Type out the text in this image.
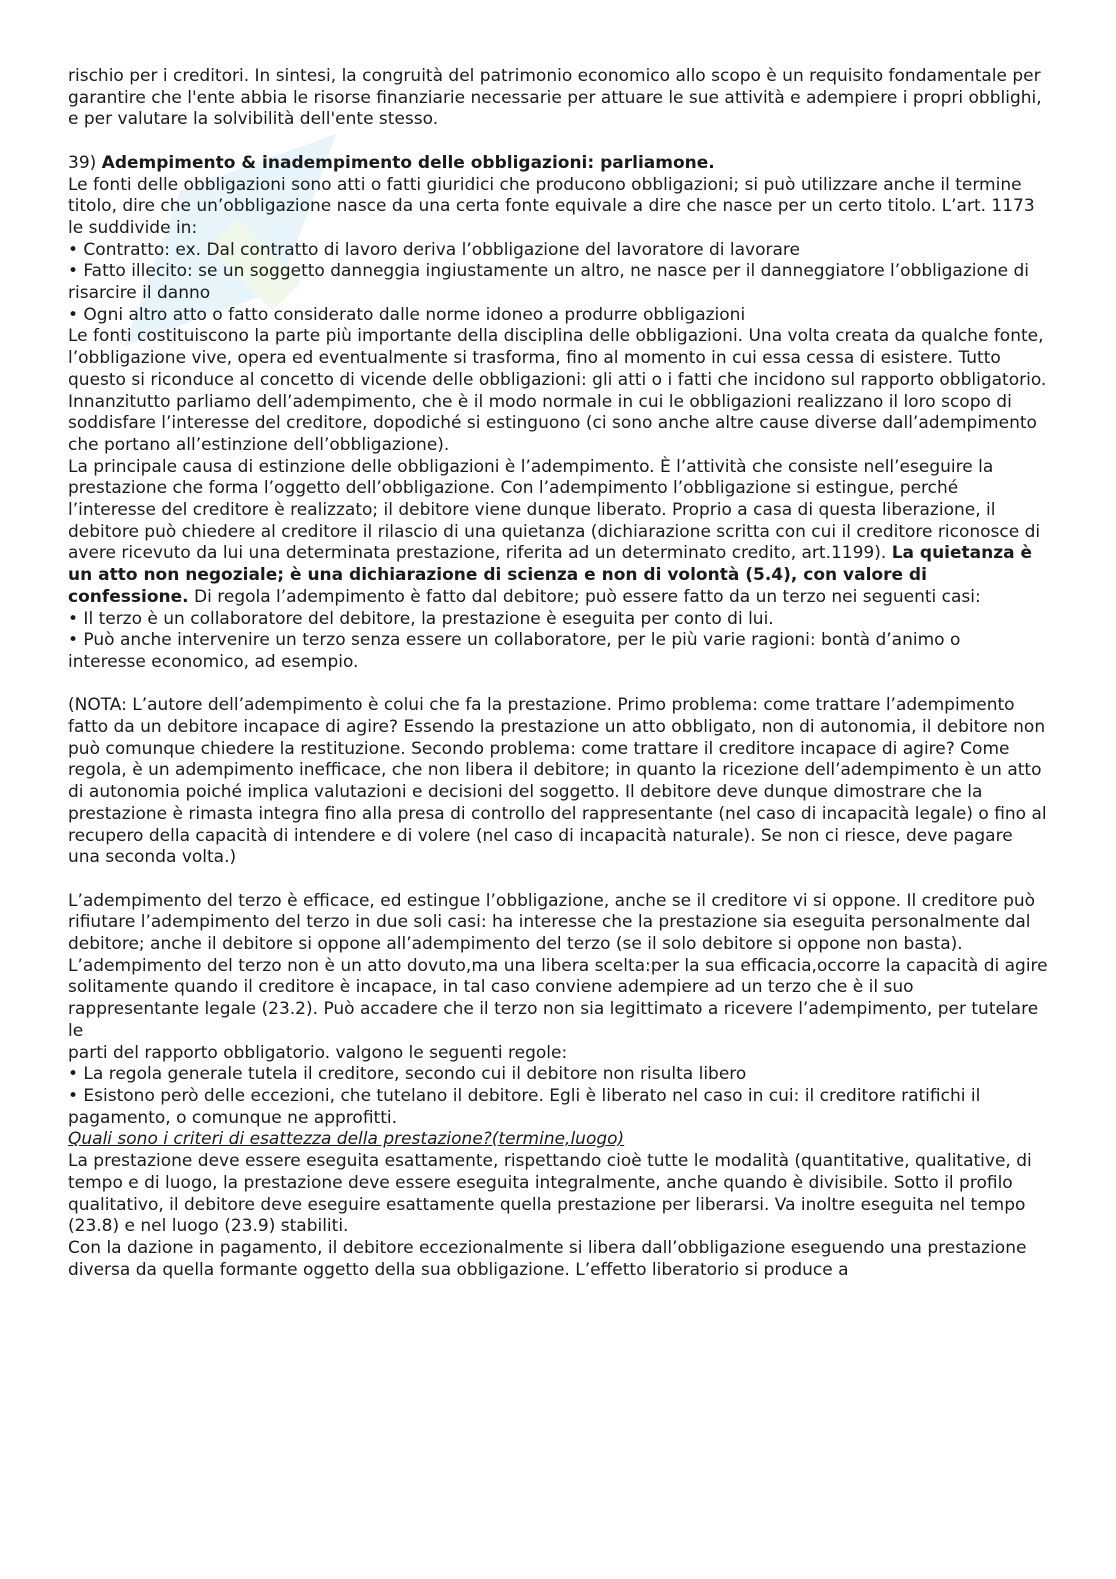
rischio per i creditori. In sintesi, la congruità del patrimonio economico allo scopo è un requisito fondamentale per garantire che l'ente abbia le risorse finanziarie necessarie per attuare le sue attività e adempiere i propri obblighi, e per valutare la solvibilità dell'ente stesso.

39) Adempimento & inadempimento delle obbligazioni: parliamone.

Le fonti delle obbligazioni sono atti o fatti giuridici che producono obbligazioni; si può utilizzare anche il termine titolo, dire che un’obbligazione nasce da una certa fonte equivale a dire che nasce per un certo titolo. L’art. 1173 le suddivide in:

• Contratto: ex. Dal contratto di lavoro deriva l’obbligazione del lavoratore di lavorare

• Fatto illecito: se un soggetto danneggia ingiustamente un altro, ne nasce per il danneggiatore l’obbligazione di

risarcire il danno

• Ogni altro atto o fatto considerato dalle norme idoneo a produrre obbligazioni

Le fonti costituiscono la parte più importante della disciplina delle obbligazioni. Una volta creata da qualche fonte, l’obbligazione vive, opera ed eventualmente si trasforma, fino al momento in cui essa cessa di esistere. Tutto questo si riconduce al concetto di vicende delle obbligazioni: gli atti o i fatti che incidono sul rapporto obbligatorio. Innanzitutto parliamo dell’adempimento, che è il modo normale in cui le obbligazioni realizzano il loro scopo di soddisfare l’interesse del creditore, dopodiché si estinguono (ci sono anche altre cause diverse dall’adempimento che portano all’estinzione dell’obbligazione).

La principale causa di estinzione delle obbligazioni è l’adempimento. È l’attività che consiste nell’eseguire la prestazione che forma l’oggetto dell’obbligazione. Con l’adempimento l’obbligazione si estingue, perché l’interesse del creditore è realizzato; il debitore viene dunque liberato. Proprio a casa di questa liberazione, il debitore può chiedere al creditore il rilascio di una quietanza (dichiarazione scritta con cui il creditore riconosce di avere ricevuto da lui una determinata prestazione, riferita ad un determinato credito, art.1199). La quietanza è un atto non negoziale; è una dichiarazione di scienza e non di volontà (5.4), con valore di confessione. Di regola l’adempimento è fatto dal debitore; può essere fatto da un terzo nei seguenti casi:

• Il terzo è un collaboratore del debitore, la prestazione è eseguita per conto di lui.

• Può anche intervenire un terzo senza essere un collaboratore, per le più varie ragioni: bontà d’animo o

interesse economico, ad esempio.

(NOTA: L’autore dell’adempimento è colui che fa la prestazione. Primo problema: come trattare l’adempimento fatto da un debitore incapace di agire? Essendo la prestazione un atto obbligato, non di autonomia, il debitore non può comunque chiedere la restituzione. Secondo problema: come trattare il creditore incapace di agire? Come regola, è un adempimento inefficace, che non libera il debitore; in quanto la ricezione dell’adempimento è un atto di autonomia poiché implica valutazioni e decisioni del soggetto. Il debitore deve dunque dimostrare che la prestazione è rimasta integra fino alla presa di controllo del rappresentante (nel caso di incapacità legale) o fino al recupero della capacità di intendere e di volere (nel caso di incapacità naturale). Se non ci riesce, deve pagare una seconda volta.)

L’adempimento del terzo è efficace, ed estingue l’obbligazione, anche se il creditore vi si oppone. Il creditore può

rifiutare l’adempimento del terzo in due soli casi: ha interesse che la prestazione sia eseguita personalmente dal

debitore; anche il debitore si oppone all’adempimento del terzo (se il solo debitore si oppone non basta).

L’adempimento del terzo non è un atto dovuto,ma una libera scelta:per la sua efficacia,occorre la capacità di agire

solitamente quando il creditore è incapace, in tal caso conviene adempiere ad un terzo che è il suo rappresentante legale (23.2). Può accadere che il terzo non sia legittimato a ricevere l’adempimento, per tutelare le

parti del rapporto obbligatorio. valgono le seguenti regole:

• La regola generale tutela il creditore, secondo cui il debitore non risulta libero

• Esistono però delle eccezioni, che tutelano il debitore. Egli è liberato nel caso in cui: il creditore ratifichi il

pagamento, o comunque ne approfitti.

Quali sono i criteri di esattezza della prestazione?(termine,luogo)

La prestazione deve essere eseguita esattamente, rispettando cioè tutte le modalità (quantitative, qualitative, di

tempo e di luogo, la prestazione deve essere eseguita integralmente, anche quando è divisibile. Sotto il profilo qualitativo, il debitore deve eseguire esattamente quella prestazione per liberarsi. Va inoltre eseguita nel tempo (23.8) e nel luogo (23.9) stabiliti.

Con la dazione in pagamento, il debitore eccezionalmente si libera dall’obbligazione eseguendo una prestazione diversa da quella formante oggetto della sua obbligazione. L’effetto liberatorio si produce a
